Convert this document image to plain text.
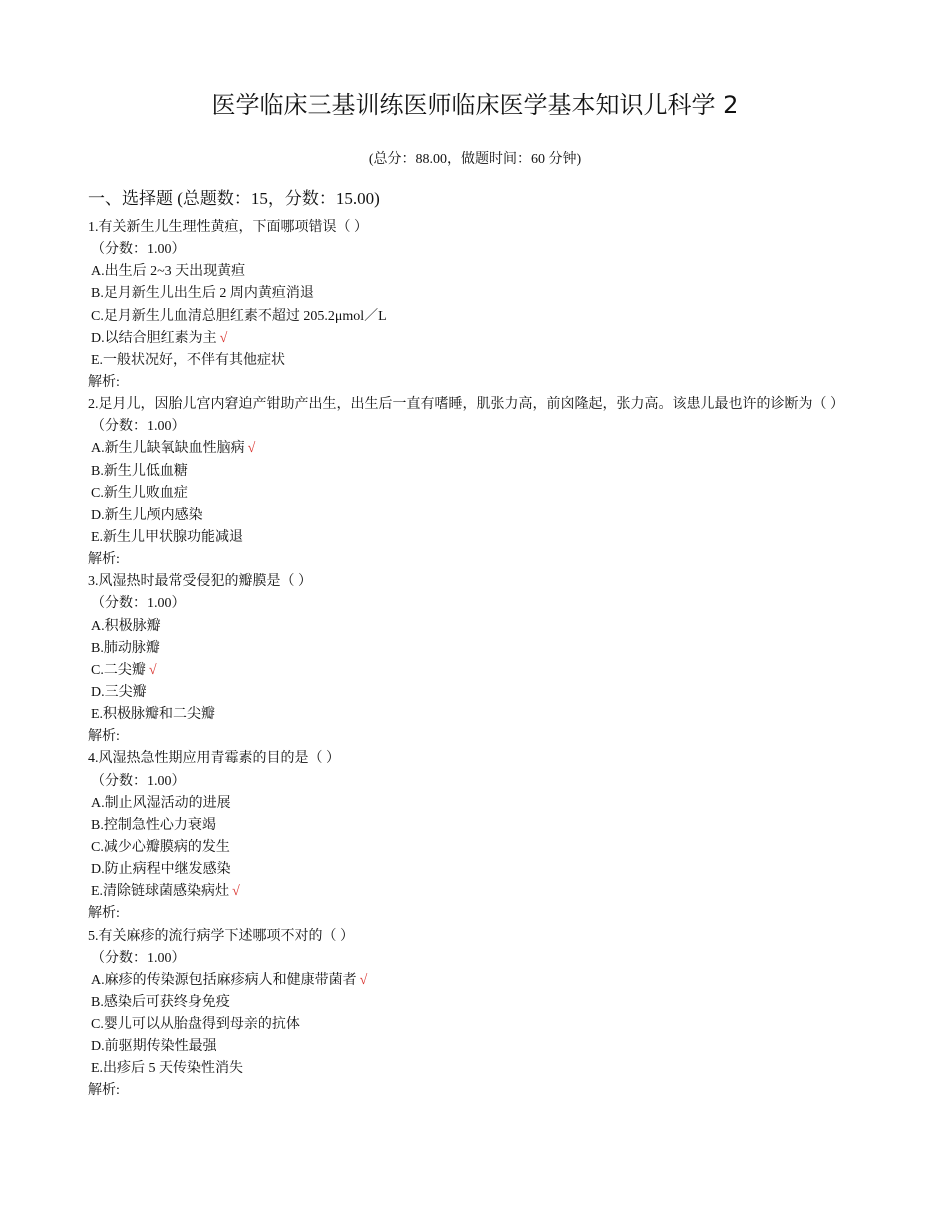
医学临床三基训练医师临床医学基本知识儿科学 2
(总分：88.00，做题时间：60 分钟)
一、选择题 (总题数：15，分数：15.00)
1.有关新生儿生理性黄疸，下面哪项错误（ ）
（分数：1.00）
A.出生后 2~3 天出现黄疸
B.足月新生儿出生后 2 周内黄疸消退
C.足月新生儿血清总胆红素不超过 205.2μmol／L
D.以结合胆红素为主 √
E.一般状况好，不伴有其他症状
解析:
2.足月儿，因胎儿宫内窘迫产钳助产出生，出生后一直有嗜睡，肌张力高，前囟隆起，张力高。该患儿最也许的诊断为（ ）
（分数：1.00）
A.新生儿缺氧缺血性脑病 √
B.新生儿低血糖
C.新生儿败血症
D.新生儿颅内感染
E.新生儿甲状腺功能减退
解析:
3.风湿热时最常受侵犯的瓣膜是（ ）
（分数：1.00）
A.积极脉瓣
B.肺动脉瓣
C.二尖瓣 √
D.三尖瓣
E.积极脉瓣和二尖瓣
解析:
4.风湿热急性期应用青霉素的目的是（ ）
（分数：1.00）
A.制止风湿活动的进展
B.控制急性心力衰竭
C.减少心瓣膜病的发生
D.防止病程中继发感染
E.清除链球菌感染病灶 √
解析:
5.有关麻疹的流行病学下述哪项不对的（ ）
（分数：1.00）
A.麻疹的传染源包括麻疹病人和健康带菌者 √
B.感染后可获终身免疫
C.婴儿可以从胎盘得到母亲的抗体
D.前驱期传染性最强
E.出疹后 5 天传染性消失
解析:
